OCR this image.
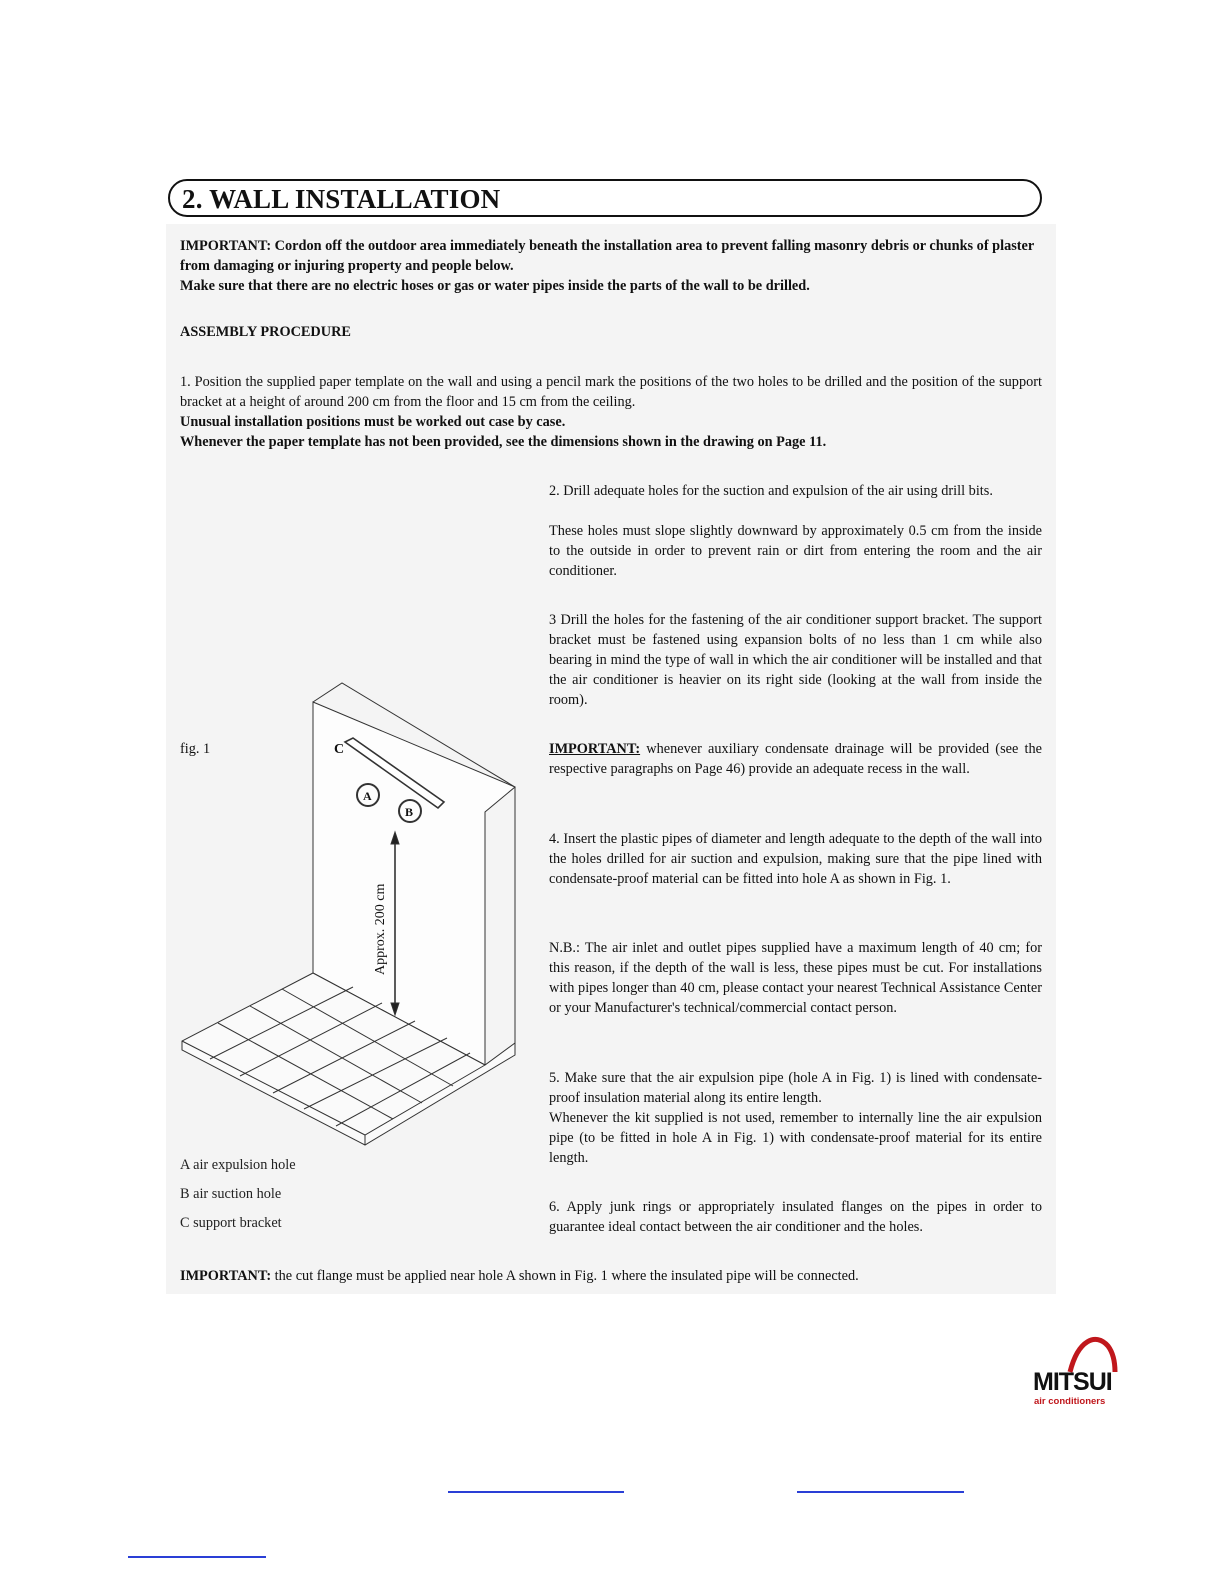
2. WALL INSTALLATION

IMPORTANT: Cordon off the outdoor area immediately beneath the installation area to prevent falling masonry debris or chunks of plaster from damaging or injuring property and people below.

Make sure that there are no electric hoses or gas or water pipes inside the parts of the wall to be drilled.

ASSEMBLY PROCEDURE

1. Position the supplied paper template on the wall and using a pencil mark the positions of the two holes to be drilled and the position of the support bracket at a height of around 200 cm from the floor and 15 cm from the ceiling.

Unusual installation positions must be worked out case by case.

Whenever the paper template has not been provided, see the dimensions shown in the drawing on Page 11.

2. Drill adequate holes for the suction and expulsion of the air using drill bits.

These holes must slope slightly downward by approximately 0.5 cm from the inside to the outside in order to prevent rain or dirt from entering the room and the air conditioner.

3 Drill the holes for the fastening of the air conditioner support bracket. The support bracket must be fastened using expansion bolts of no less than 1 cm while also bearing in mind the type of wall in which the air conditioner will be installed and that the air conditioner is heavier on its right side (looking at the wall from inside the room).

IMPORTANT: whenever auxiliary condensate drainage will be provided (see the respective paragraphs on Page 46) provide an adequate recess in the wall.

4. Insert the plastic pipes of diameter and length adequate to the depth of the wall into the holes drilled for air suction and expulsion, making sure that the pipe lined with condensate-proof material can be fitted into hole A as shown in Fig. 1.

N.B.: The air inlet and outlet pipes supplied have a maximum length of 40 cm; for this reason, if the depth of the wall is less, these pipes must be cut. For installations with pipes longer than 40 cm, please contact your nearest Technical Assistance Center or your Manufacturer's technical/commercial contact person.

5. Make sure that the air expulsion pipe (hole A in Fig. 1) is lined with condensate-proof insulation material along its entire length.

Whenever the kit supplied is not used, remember to internally line the air expulsion pipe (to be fitted in hole A in Fig. 1) with condensate-proof material for its entire length.

6. Apply junk rings or appropriately insulated flanges on the pipes in order to guarantee ideal contact between the air conditioner and the holes.

IMPORTANT: the cut flange must be applied near hole A shown in Fig. 1 where the insulated pipe will be connected.

fig. 1	C
A
B
Approx. 200 cm
A air expulsion hole
B air suction hole
C support bracket
MITSUI
air conditioners
